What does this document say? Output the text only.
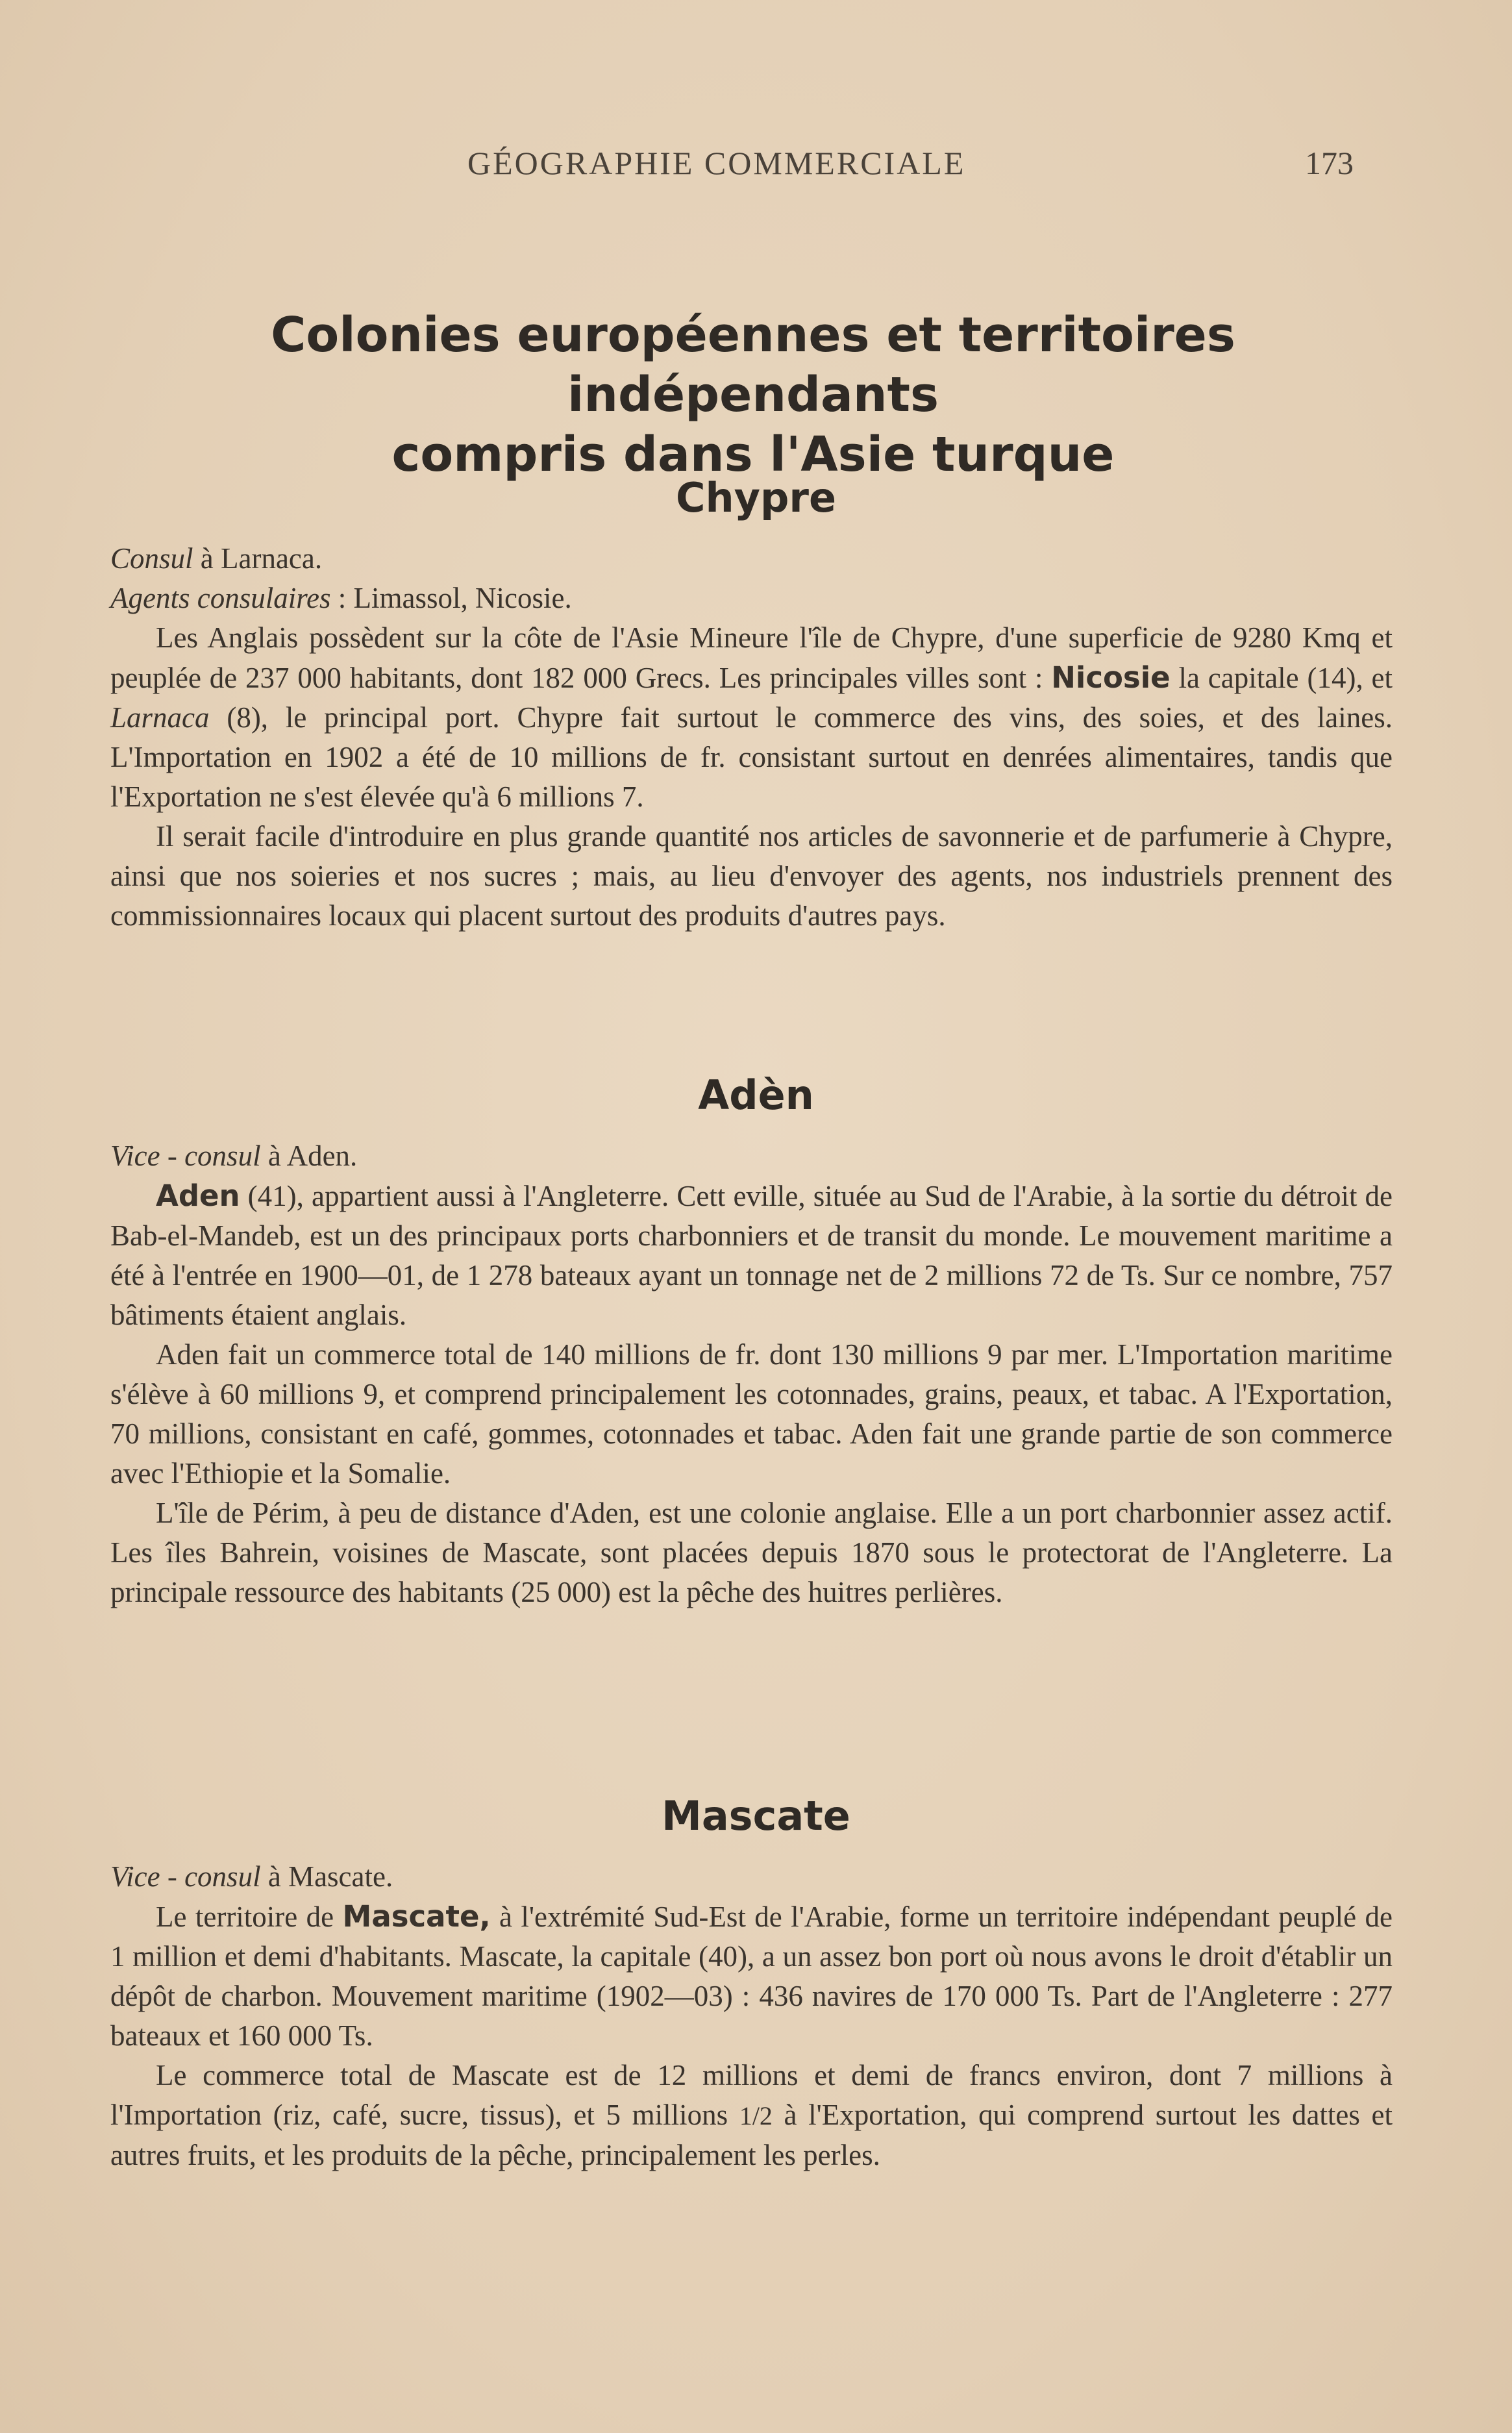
GÉOGRAPHIE COMMERCIALE	173
Colonies européennes et territoires indépendants
compris dans l'Asie turque
Chypre

Consul à Larnaca.

Agents consulaires : Limassol, Nicosie.

Les Anglais possèdent sur la côte de l'Asie Mineure l'île de Chypre, d'une superficie de 9280 Kmq et peuplée de 237 000 habitants, dont 182 000 Grecs. Les principales villes sont : Nicosie la capitale (14), et Larnaca (8), le principal port. Chypre fait surtout le commerce des vins, des soies, et des laines. L'Importation en 1902 a été de 10 millions de fr. consistant surtout en denrées alimentaires, tandis que l'Exportation ne s'est élevée qu'à 6 millions 7.

Il serait facile d'introduire en plus grande quantité nos articles de savonnerie et de parfumerie à Chypre, ainsi que nos soieries et nos sucres ; mais, au lieu d'envoyer des agents, nos industriels prennent des commissionnaires locaux qui placent surtout des produits d'autres pays.

Adèn

Vice - consul à Aden.

Aden (41), appartient aussi à l'Angleterre. Cett eville, située au Sud de l'Arabie, à la sortie du détroit de Bab-el-Mandeb, est un des principaux ports charbonniers et de transit du monde. Le mouvement maritime a été à l'entrée en 1900—01, de 1 278 bateaux ayant un tonnage net de 2 millions 72 de Ts. Sur ce nombre, 757 bâtiments étaient anglais.

Aden fait un commerce total de 140 millions de fr. dont 130 millions 9 par mer. L'Importation maritime s'élève à 60 millions 9, et comprend principalement les cotonnades, grains, peaux, et tabac. A l'Exportation, 70 millions, consistant en café, gommes, cotonnades et tabac. Aden fait une grande partie de son commerce avec l'Ethiopie et la Somalie.

L'île de Périm, à peu de distance d'Aden, est une colonie anglaise. Elle a un port charbonnier assez actif. Les îles Bahrein, voisines de Mascate, sont placées depuis 1870 sous le protectorat de l'Angleterre. La principale ressource des habitants (25 000) est la pêche des huitres perlières.

Mascate

Vice - consul à Mascate.

Le territoire de Mascate, à l'extrémité Sud-Est de l'Arabie, forme un territoire indépendant peuplé de 1 million et demi d'habitants. Mascate, la capitale (40), a un assez bon port où nous avons le droit d'établir un dépôt de charbon. Mouvement maritime (1902—03) : 436 navires de 170 000 Ts. Part de l'Angleterre : 277 bateaux et 160 000 Ts.

Le commerce total de Mascate est de 12 millions et demi de francs environ, dont 7 millions à l'Importation (riz, café, sucre, tissus), et 5 millions 1/2 à l'Exportation, qui comprend surtout les dattes et autres fruits, et les produits de la pêche, principalement les perles.
